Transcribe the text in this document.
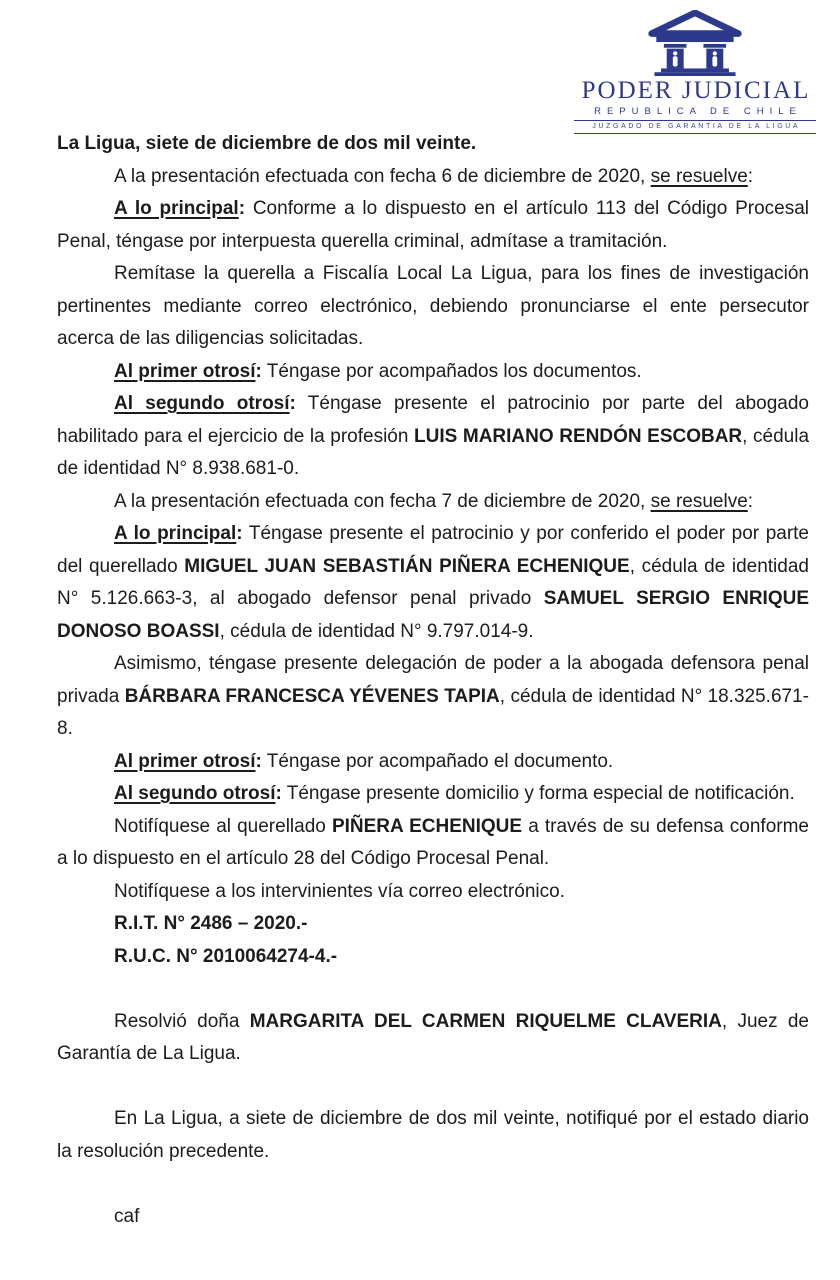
PODER JUDICIAL
REPUBLICA DE CHILE
JUZGADO DE GARANTIA DE LA LIGUA

La Ligua, siete de diciembre de dos mil veinte.

A la presentación efectuada con fecha 6 de diciembre de 2020, se resuelve:

A lo principal: Conforme a lo dispuesto en el artículo 113 del Código Procesal Penal, téngase por interpuesta querella criminal, admítase a tramitación.

Remítase la querella a Fiscalía Local La Ligua, para los fines de investigación pertinentes mediante correo electrónico, debiendo pronunciarse el ente persecutor acerca de las diligencias solicitadas.

Al primer otrosí: Téngase por acompañados los documentos.

Al segundo otrosí: Téngase presente el patrocinio por parte del abogado habilitado para el ejercicio de la profesión LUIS MARIANO RENDÓN ESCOBAR, cédula de identidad N° 8.938.681-0.

A la presentación efectuada con fecha 7 de diciembre de 2020, se resuelve:

A lo principal: Téngase presente el patrocinio y por conferido el poder por parte del querellado MIGUEL JUAN SEBASTIÁN PIÑERA ECHENIQUE, cédula de identidad N° 5.126.663-3, al abogado defensor penal privado SAMUEL SERGIO ENRIQUE DONOSO BOASSI, cédula de identidad N° 9.797.014-9.

Asimismo, téngase presente delegación de poder a la abogada defensora penal privada BÁRBARA FRANCESCA YÉVENES TAPIA, cédula de identidad N° 18.325.671-8.

Al primer otrosí: Téngase por acompañado el documento.

Al segundo otrosí: Téngase presente domicilio y forma especial de notificación.

Notifíquese al querellado PIÑERA ECHENIQUE a través de su defensa conforme a lo dispuesto en el artículo 28 del Código Procesal Penal.

Notifíquese a los intervinientes vía correo electrónico.

R.I.T. N° 2486 – 2020.-

R.U.C. N° 2010064274-4.-

Resolvió doña MARGARITA DEL CARMEN RIQUELME CLAVERIA, Juez de Garantía de La Ligua.

En La Ligua, a siete de diciembre de dos mil veinte, notifiqué por el estado diario la resolución precedente.

caf
